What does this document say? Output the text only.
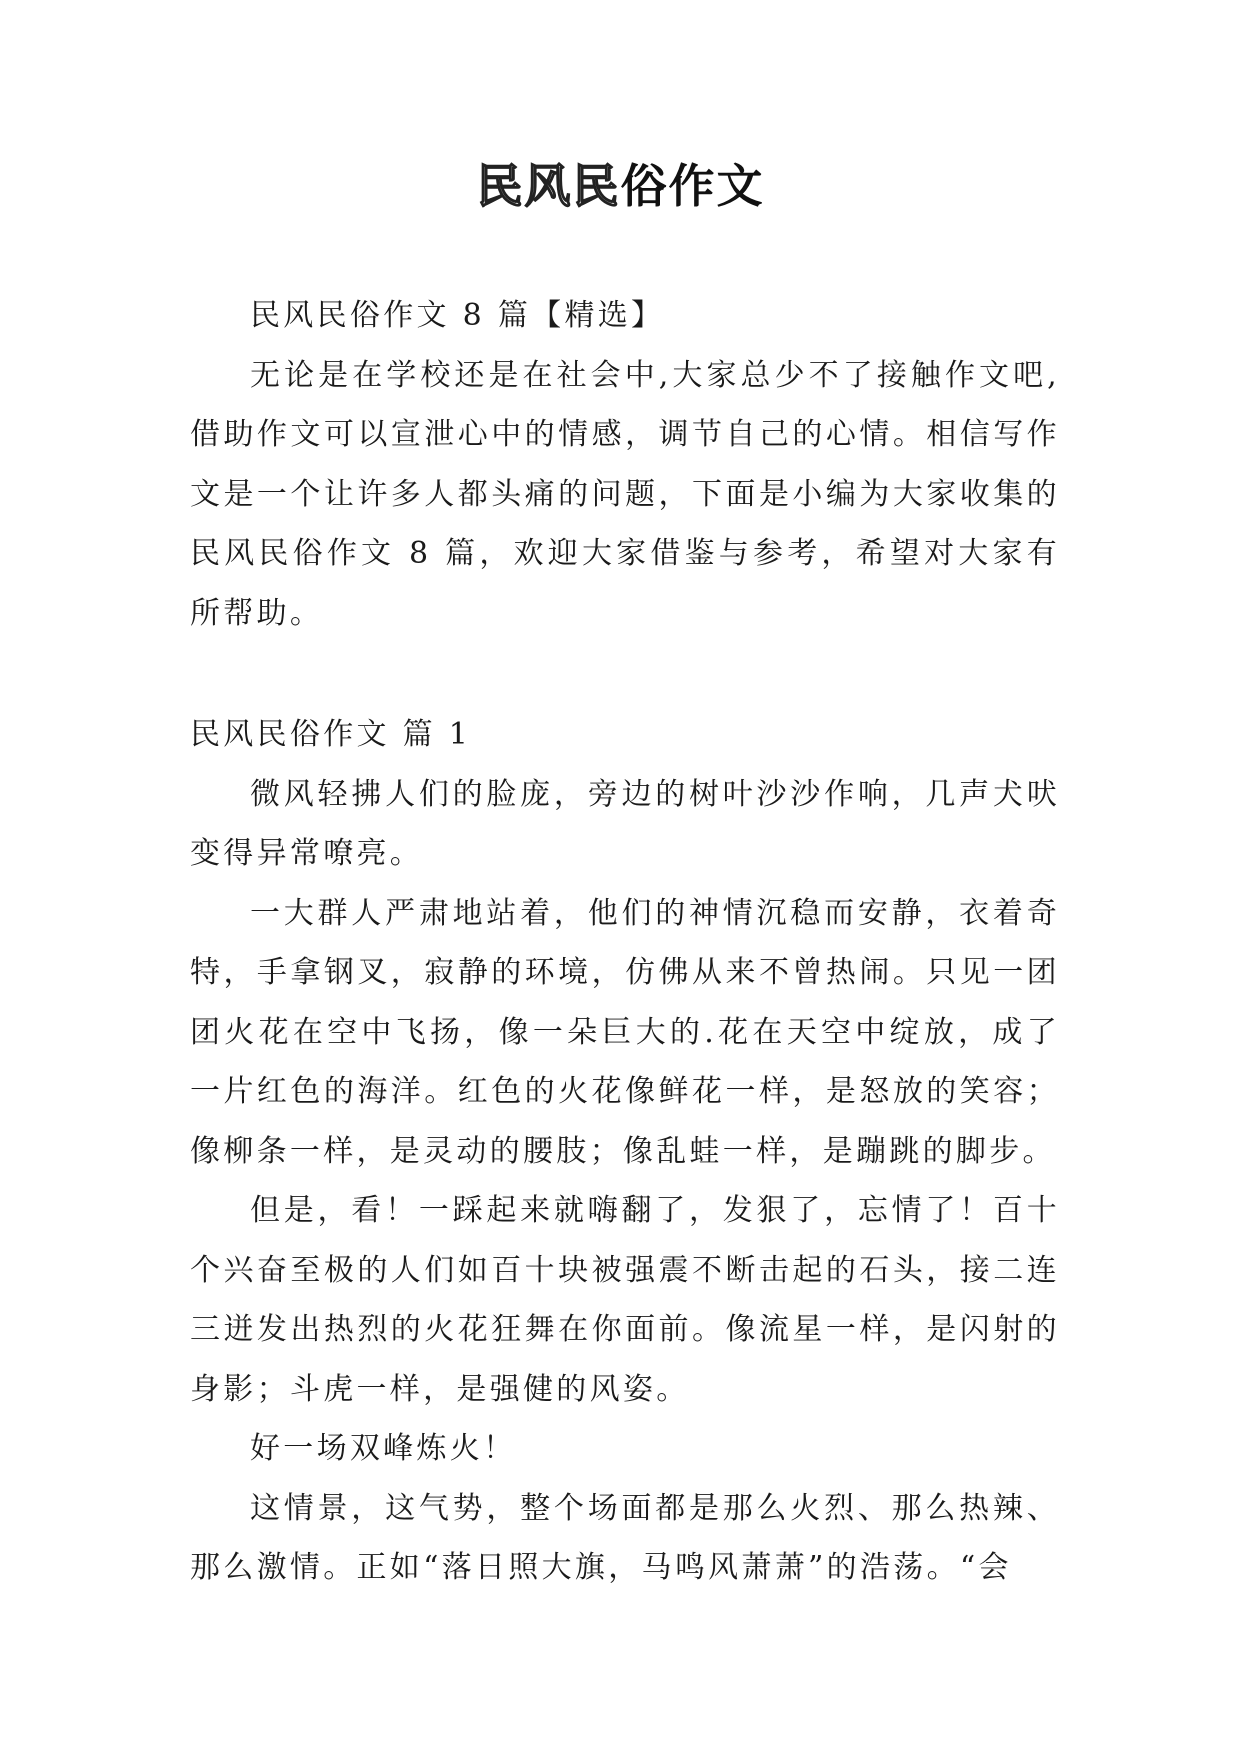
民风民俗作文

民风民俗作文 8 篇【精选】

无论是在学校还是在社会中,大家总少不了接触作文吧,借助作文可以宣泄心中的情感，调节自己的心情。相信写作文是一个让许多人都头痛的问题，下面是小编为大家收集的民风民俗作文 8 篇，欢迎大家借鉴与参考，希望对大家有所帮助。

民风民俗作文 篇 1

微风轻拂人们的脸庞，旁边的树叶沙沙作响，几声犬吠变得异常嘹亮。

一大群人严肃地站着，他们的神情沉稳而安静，衣着奇特，手拿钢叉，寂静的环境，仿佛从来不曾热闹。只见一团团火花在空中飞扬，像一朵巨大的.花在天空中绽放，成了一片红色的海洋。红色的火花像鲜花一样，是怒放的笑容；像柳条一样，是灵动的腰肢；像乱蛙一样，是蹦跳的脚步。

但是，看！一踩起来就嗨翻了，发狠了，忘情了！百十个兴奋至极的人们如百十块被强震不断击起的石头，接二连三迸发出热烈的火花狂舞在你面前。像流星一样，是闪射的身影；斗虎一样，是强健的风姿。

好一场双峰炼火！

这情景，这气势，整个场面都是那么火烈、那么热辣、那么激情。正如“落日照大旗，马鸣风萧萧”的浩荡。“会
